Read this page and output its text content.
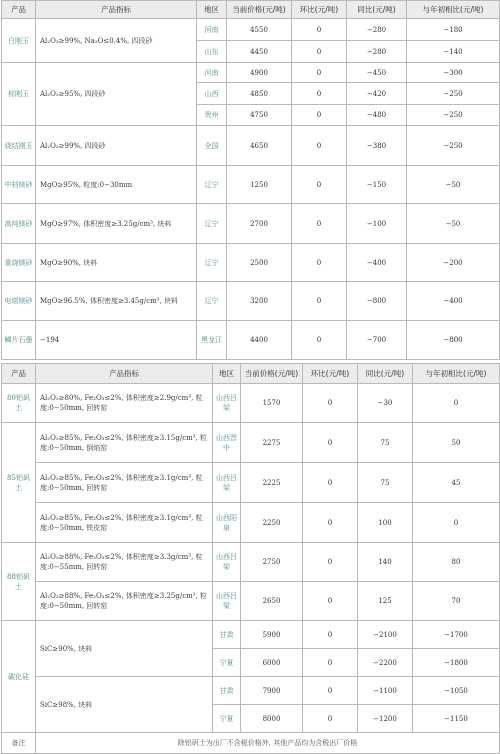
产品	产品指标	地区	当前价格(元/吨)	环比(元/吨)	同比(元/吨)	与年初相比(元/吨)
白刚玉	Al₂O₃≥99%, Na₂O≤0.4%, 四段砂	河南	4550	0	−280	−180
		山东	4450	0	−280	−140
棕刚玉	Al₂O₃≥95%, 四段砂	河南	4900	0	−450	−300
		山西	4850	0	−420	−250
		贵州	4750	0	−480	−250
烧结刚玉	Al₂O₃≥99%, 四段砂	全国	4650	0	−380	−250
中档镁砂	MgO≥95%, 粒度:0−30mm	辽宁	1250	0	−150	−50
高纯镁砂	MgO≥97%, 体积密度≥3.25g/cm³, 块料	辽宁	2700	0	−100	−50
重烧镁砂	MgO≥90%, 块料	辽宁	2500	0	−400	−200
电熔镁砂	MgO≥96.5%, 体积密度≥3.45g/cm³, 块料	辽宁	3200	0	−800	−400
鳞片石墨	−194	黑龙江	4400	0	−700	−800
产品	产品指标	地区	当前价格(元/吨)	环比(元/吨)	同比(元/吨)	与年初相比(元/吨)
80铝矾土	Al₂O₃≥80%, Fe₂O₃≤2%, 体积密度≥2.9g/cm³, 粒度:0−50mm, 回转窑	山西吕梁	1570	0	−30	0
85铝矾土	Al₂O₃≥85%, Fe₂O₃≤2%, 体积密度≥3.15g/cm³, 粒度:0−50mm, 倒焰窑	山西晋中	2275	0	75	50
	Al₂O₃≥85%, Fe₂O₃≤2%, 体积密度≥3.1g/cm³, 粒度:0−50mm, 回转窑	山西吕梁	2225	0	75	45
	Al₂O₃≥85%, Fe₂O₃≤2%, 体积密度≥3.1g/cm³, 粒度:0−50mm, 铁皮窑	山西阳泉	2250	0	100	0
88铝矾土	Al₂O₃≥88%, Fe₂O₃≤2%, 体积密度≥3.3g/cm³, 粒度:0−55mm, 回转窑	山西吕梁	2750	0	140	80
	Al₂O₃≥88%, Fe₂O₃≤2%, 体积密度≥3.25g/cm³, 粒度:0−50mm, 回转窑	山西吕梁	2650	0	125	70
碳化硅	SiC≥90%, 块料	甘肃	5900	0	−2100	−1700
		宁夏	6000	0	−2200	−1800
	SiC≥98%, 块料	甘肃	7900	0	−1100	−1050
		宁夏	8000	0	−1200	−1150
备注	除铝矾土为出厂不含税价格外, 其他产品均为含税出厂价格					
